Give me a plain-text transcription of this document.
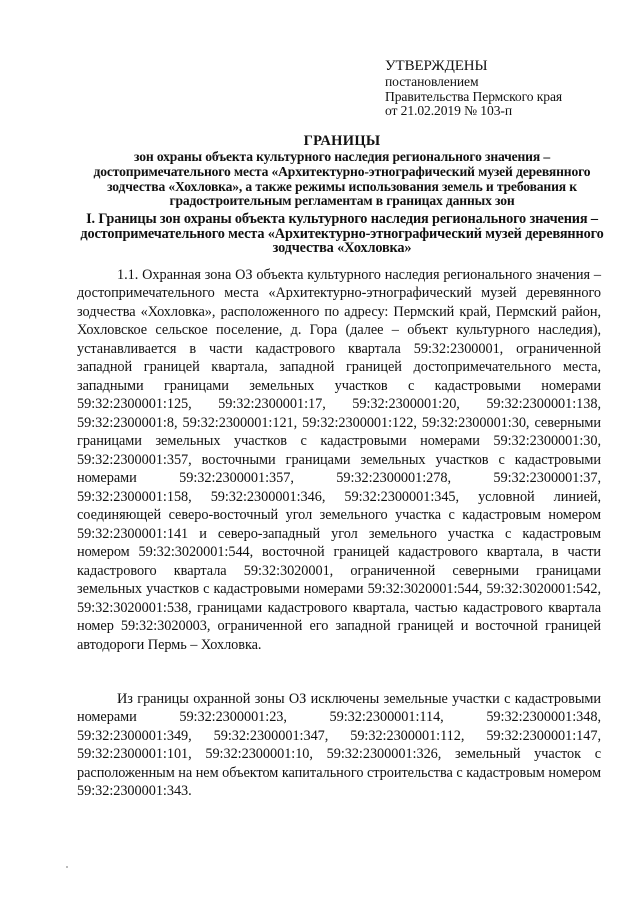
УТВЕРЖДЕНЫ
постановлением
Правительства Пермского края
от 21.02.2019 № 103-п
ГРАНИЦЫ
зон охраны объекта культурного наследия регионального значения – достопримечательного места «Архитектурно-этнографический музей деревянного зодчества «Хохловка», а также режимы использования земель и требования к градостроительным регламентам в границах данных зон
I. Границы зон охраны объекта культурного наследия регионального значения – достопримечательного места «Архитектурно-этнографический музей деревянного зодчества «Хохловка»

1.1. Охранная зона ОЗ объекта культурного наследия регионального значения – достопримечательного места «Архитектурно-этнографический музей деревянного зодчества «Хохловка», расположенного по адресу: Пермский край, Пермский район, Хохловское сельское поселение, д. Гора (далее – объект культурного наследия), устанавливается в части кадастрового квартала 59:32:2300001, ограниченной западной границей квартала, западной границей достопримечательного места, западными границами земельных участков с кадастровыми номерами 59:32:2300001:125, 59:32:2300001:17, 59:32:2300001:20, 59:32:2300001:138, 59:32:2300001:8, 59:32:2300001:121, 59:32:2300001:122, 59:32:2300001:30, северными границами земельных участков с кадастровыми номерами 59:32:2300001:30, 59:32:2300001:357, восточными границами земельных участков с кадастровыми номерами 59:32:2300001:357, 59:32:2300001:278, 59:32:2300001:37, 59:32:2300001:158, 59:32:2300001:346, 59:32:2300001:345, условной линией, соединяющей северо-восточный угол земельного участка с кадастровым номером 59:32:2300001:141 и северо-западный угол земельного участка с кадастровым номером 59:32:3020001:544, восточной границей кадастрового квартала, в части кадастрового квартала 59:32:3020001, ограниченной северными границами земельных участков с кадастровыми номерами 59:32:3020001:544, 59:32:3020001:542, 59:32:3020001:538, границами кадастрового квартала, частью кадастрового квартала номер 59:32:3020003, ограниченной его западной границей и восточной границей автодороги Пермь – Хохловка.

Из границы охранной зоны ОЗ исключены земельные участки с кадастровыми номерами 59:32:2300001:23, 59:32:2300001:114, 59:32:2300001:348, 59:32:2300001:349, 59:32:2300001:347, 59:32:2300001:112, 59:32:2300001:147, 59:32:2300001:101, 59:32:2300001:10, 59:32:2300001:326, земельный участок с расположенным на нем объектом капитального строительства с кадастровым номером 59:32:2300001:343.
